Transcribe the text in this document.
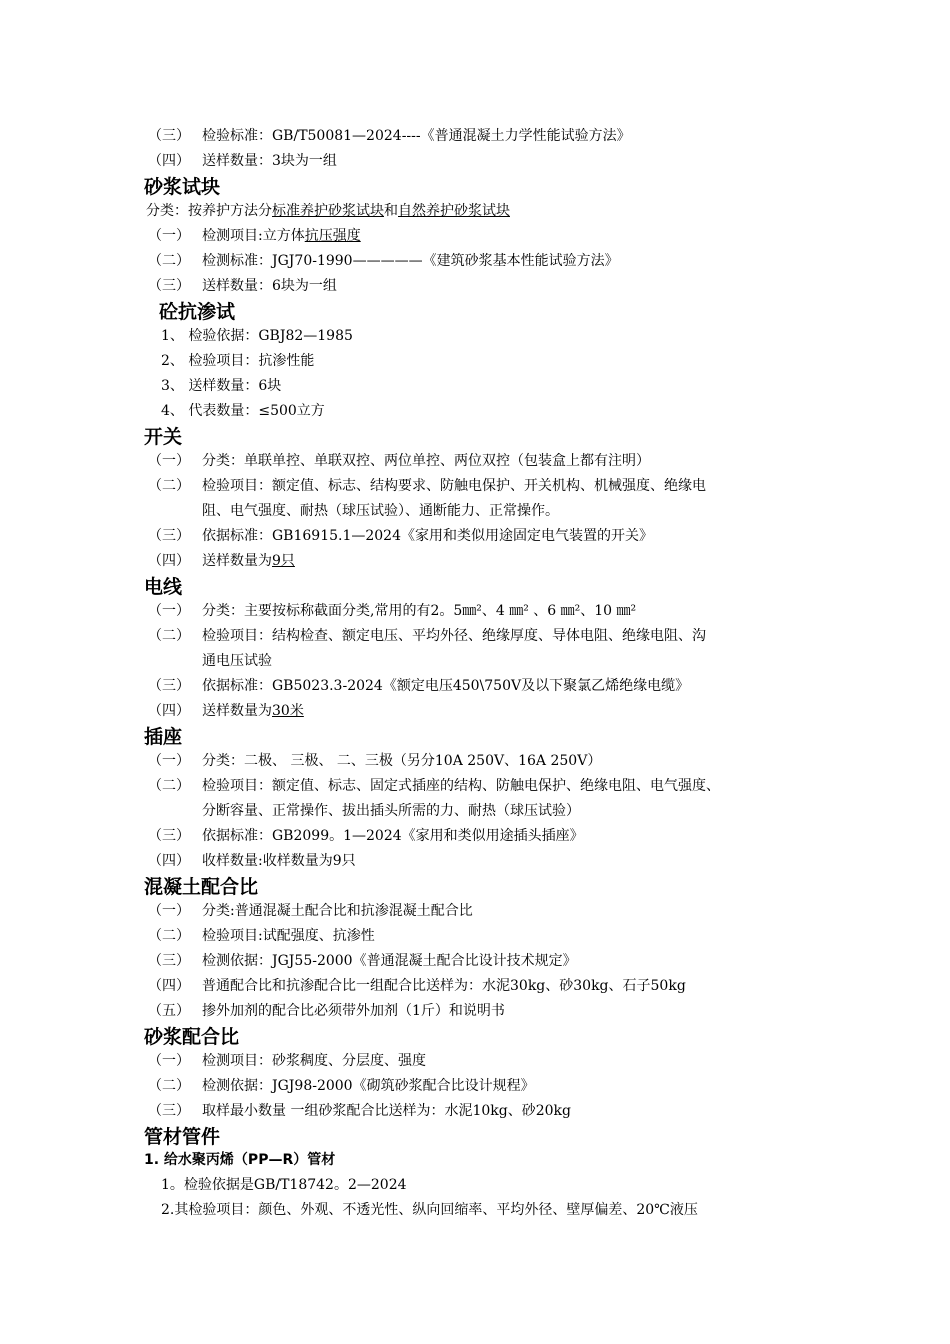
（三） 检验标准：GB/T50081—2024----《普通混凝土力学性能试验方法》
（四） 送样数量：3块为一组
砂浆试块
分类：按养护方法分标准养护砂浆试块和自然养护砂浆试块
（一） 检测项目:立方体抗压强度
（二） 检测标准：JGJ70-1990—————《建筑砂浆基本性能试验方法》
（三） 送样数量：6块为一组
砼抗渗试
1、 检验依据：GBJ82—1985
2、 检验项目：抗渗性能
3、 送样数量：6块
4、 代表数量：≤500立方
开关
（一） 分类：单联单控、单联双控、两位单控、两位双控（包装盒上都有注明）
（二） 检验项目：额定值、标志、结构要求、防触电保护、开关机构、机械强度、绝缘电
阻、电气强度、耐热（球压试验）、通断能力、正常操作。
（三） 依据标准：GB16915.1—2024《家用和类似用途固定电气装置的开关》
（四） 送样数量为9只
电线
（一） 分类：主要按标称截面分类,常用的有2。5㎜²、4 ㎜² 、6 ㎜²、10 ㎜²
（二） 检验项目：结构检查、额定电压、平均外径、绝缘厚度、导体电阻、绝缘电阻、沟
通电压试验
（三） 依据标准：GB5023.3-2024《额定电压450\750V及以下聚氯乙烯绝缘电缆》
（四） 送样数量为30米
插座
（一） 分类：二极、 三极、 二、三极（另分10A 250V、16A 250V）
（二） 检验项目：额定值、标志、固定式插座的结构、防触电保护、绝缘电阻、电气强度、
分断容量、正常操作、拔出插头所需的力、耐热（球压试验）
（三） 依据标准：GB2099。1—2024《家用和类似用途插头插座》
（四） 收样数量:收样数量为9只
混凝土配合比
（一） 分类:普通混凝土配合比和抗渗混凝土配合比
（二） 检验项目:试配强度、抗渗性
（三） 检测依据：JGJ55-2000《普通混凝土配合比设计技术规定》
（四） 普通配合比和抗渗配合比一组配合比送样为：水泥30kg、砂30kg、石子50kg
（五） 掺外加剂的配合比必须带外加剂（1斤）和说明书
砂浆配合比
（一） 检测项目：砂浆稠度、分层度、强度
（二） 检测依据：JGJ98-2000《砌筑砂浆配合比设计规程》
（三） 取样最小数量 一组砂浆配合比送样为：水泥10kg、砂20kg
管材管件
1. 给水聚丙烯（PP—R）管材
1。检验依据是GB/T18742。2—2024
2.其检验项目：颜色、外观、不透光性、纵向回缩率、平均外径、壁厚偏差、20℃液压
